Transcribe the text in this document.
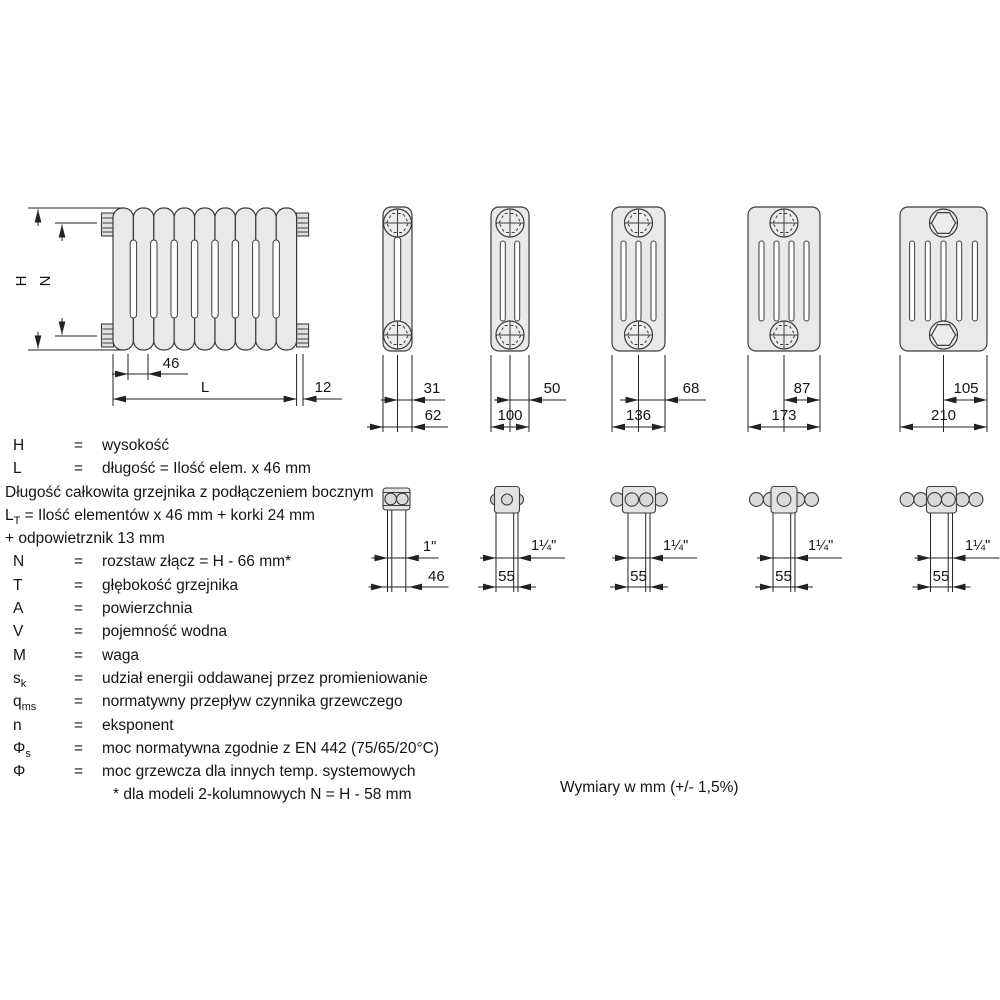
H N
46
L	12	31
62
50
100
68
136
87
173
105
210
1"
46
1¼"
55
1¼"
55
1¼"
55
1¼"
55
H	=	wysokość
L	=	długość = Ilość elem. x 46 mm
Długość całkowita grzejnika z podłączeniem bocznym
$L_T$ = Ilość elementów x 46 mm + korki 24 mm
+ odpowietrznik 13 mm
N	=	rozstaw złącz = H - 66 mm*
T	=	głębokość grzejnika
A	=	powierzchnia
V	=	pojemność wodna
M	=	waga
$s_k$	=	udział energii oddawanej przez promieniowanie
$q_{ms}$	=	normatywny przepływ czynnika grzewczego
n	=	eksponent
$\Phi_s$	=	moc normatywna zgodnie z EN 442 (75/65/20°C)
Φ	=	moc grzewcza dla innych temp. systemowych
* dla modeli 2-kolumnowych N = H - 58 mm	Wymiary w mm (+/- 1,5%)
